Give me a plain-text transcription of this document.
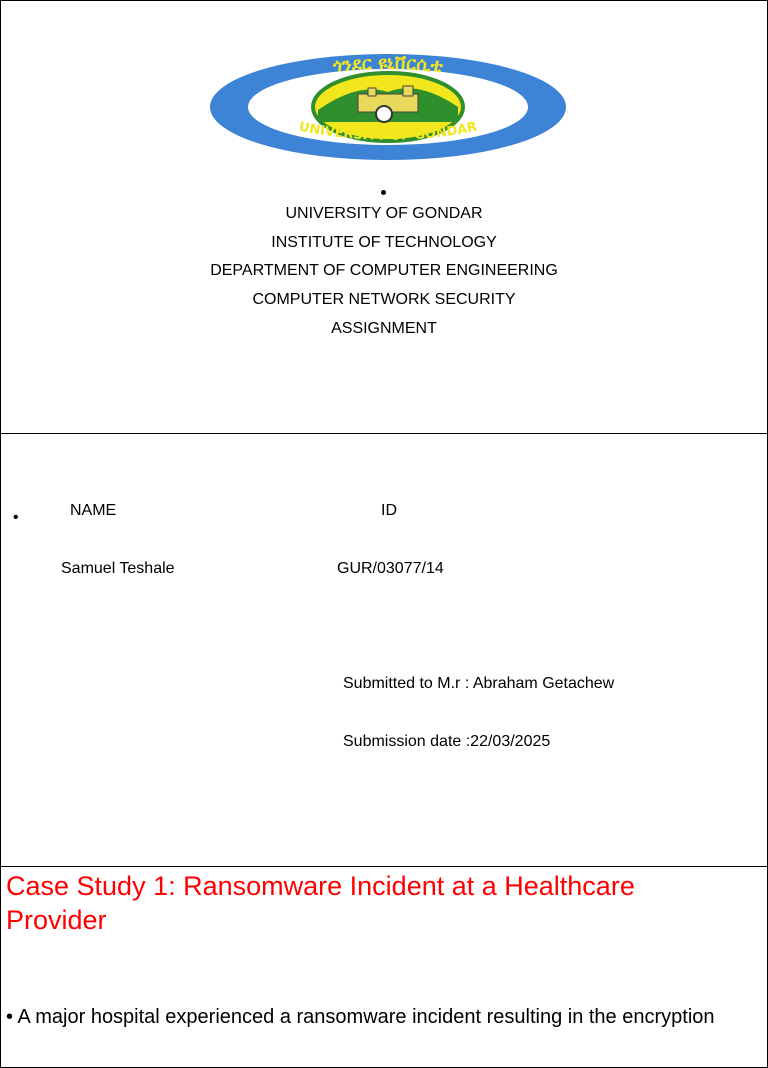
ጎንደር ዩኒቨርሲቲ
UNIVERSITY OF GONDAR
UNIVERSITY OF GONDAR
INSTITUTE OF TECHNOLOGY
DEPARTMENT OF COMPUTER ENGINEERING
COMPUTER NETWORK SECURITY
ASSIGNMENT
•	NAME	ID
Samuel Teshale	GUR/03077/14
Submitted to M.r : Abraham Getachew
Submission date :22/03/2025
Case Study 1: Ransomware Incident at a Healthcare Provider
• A major hospital experienced a ransomware incident resulting in the encryption
